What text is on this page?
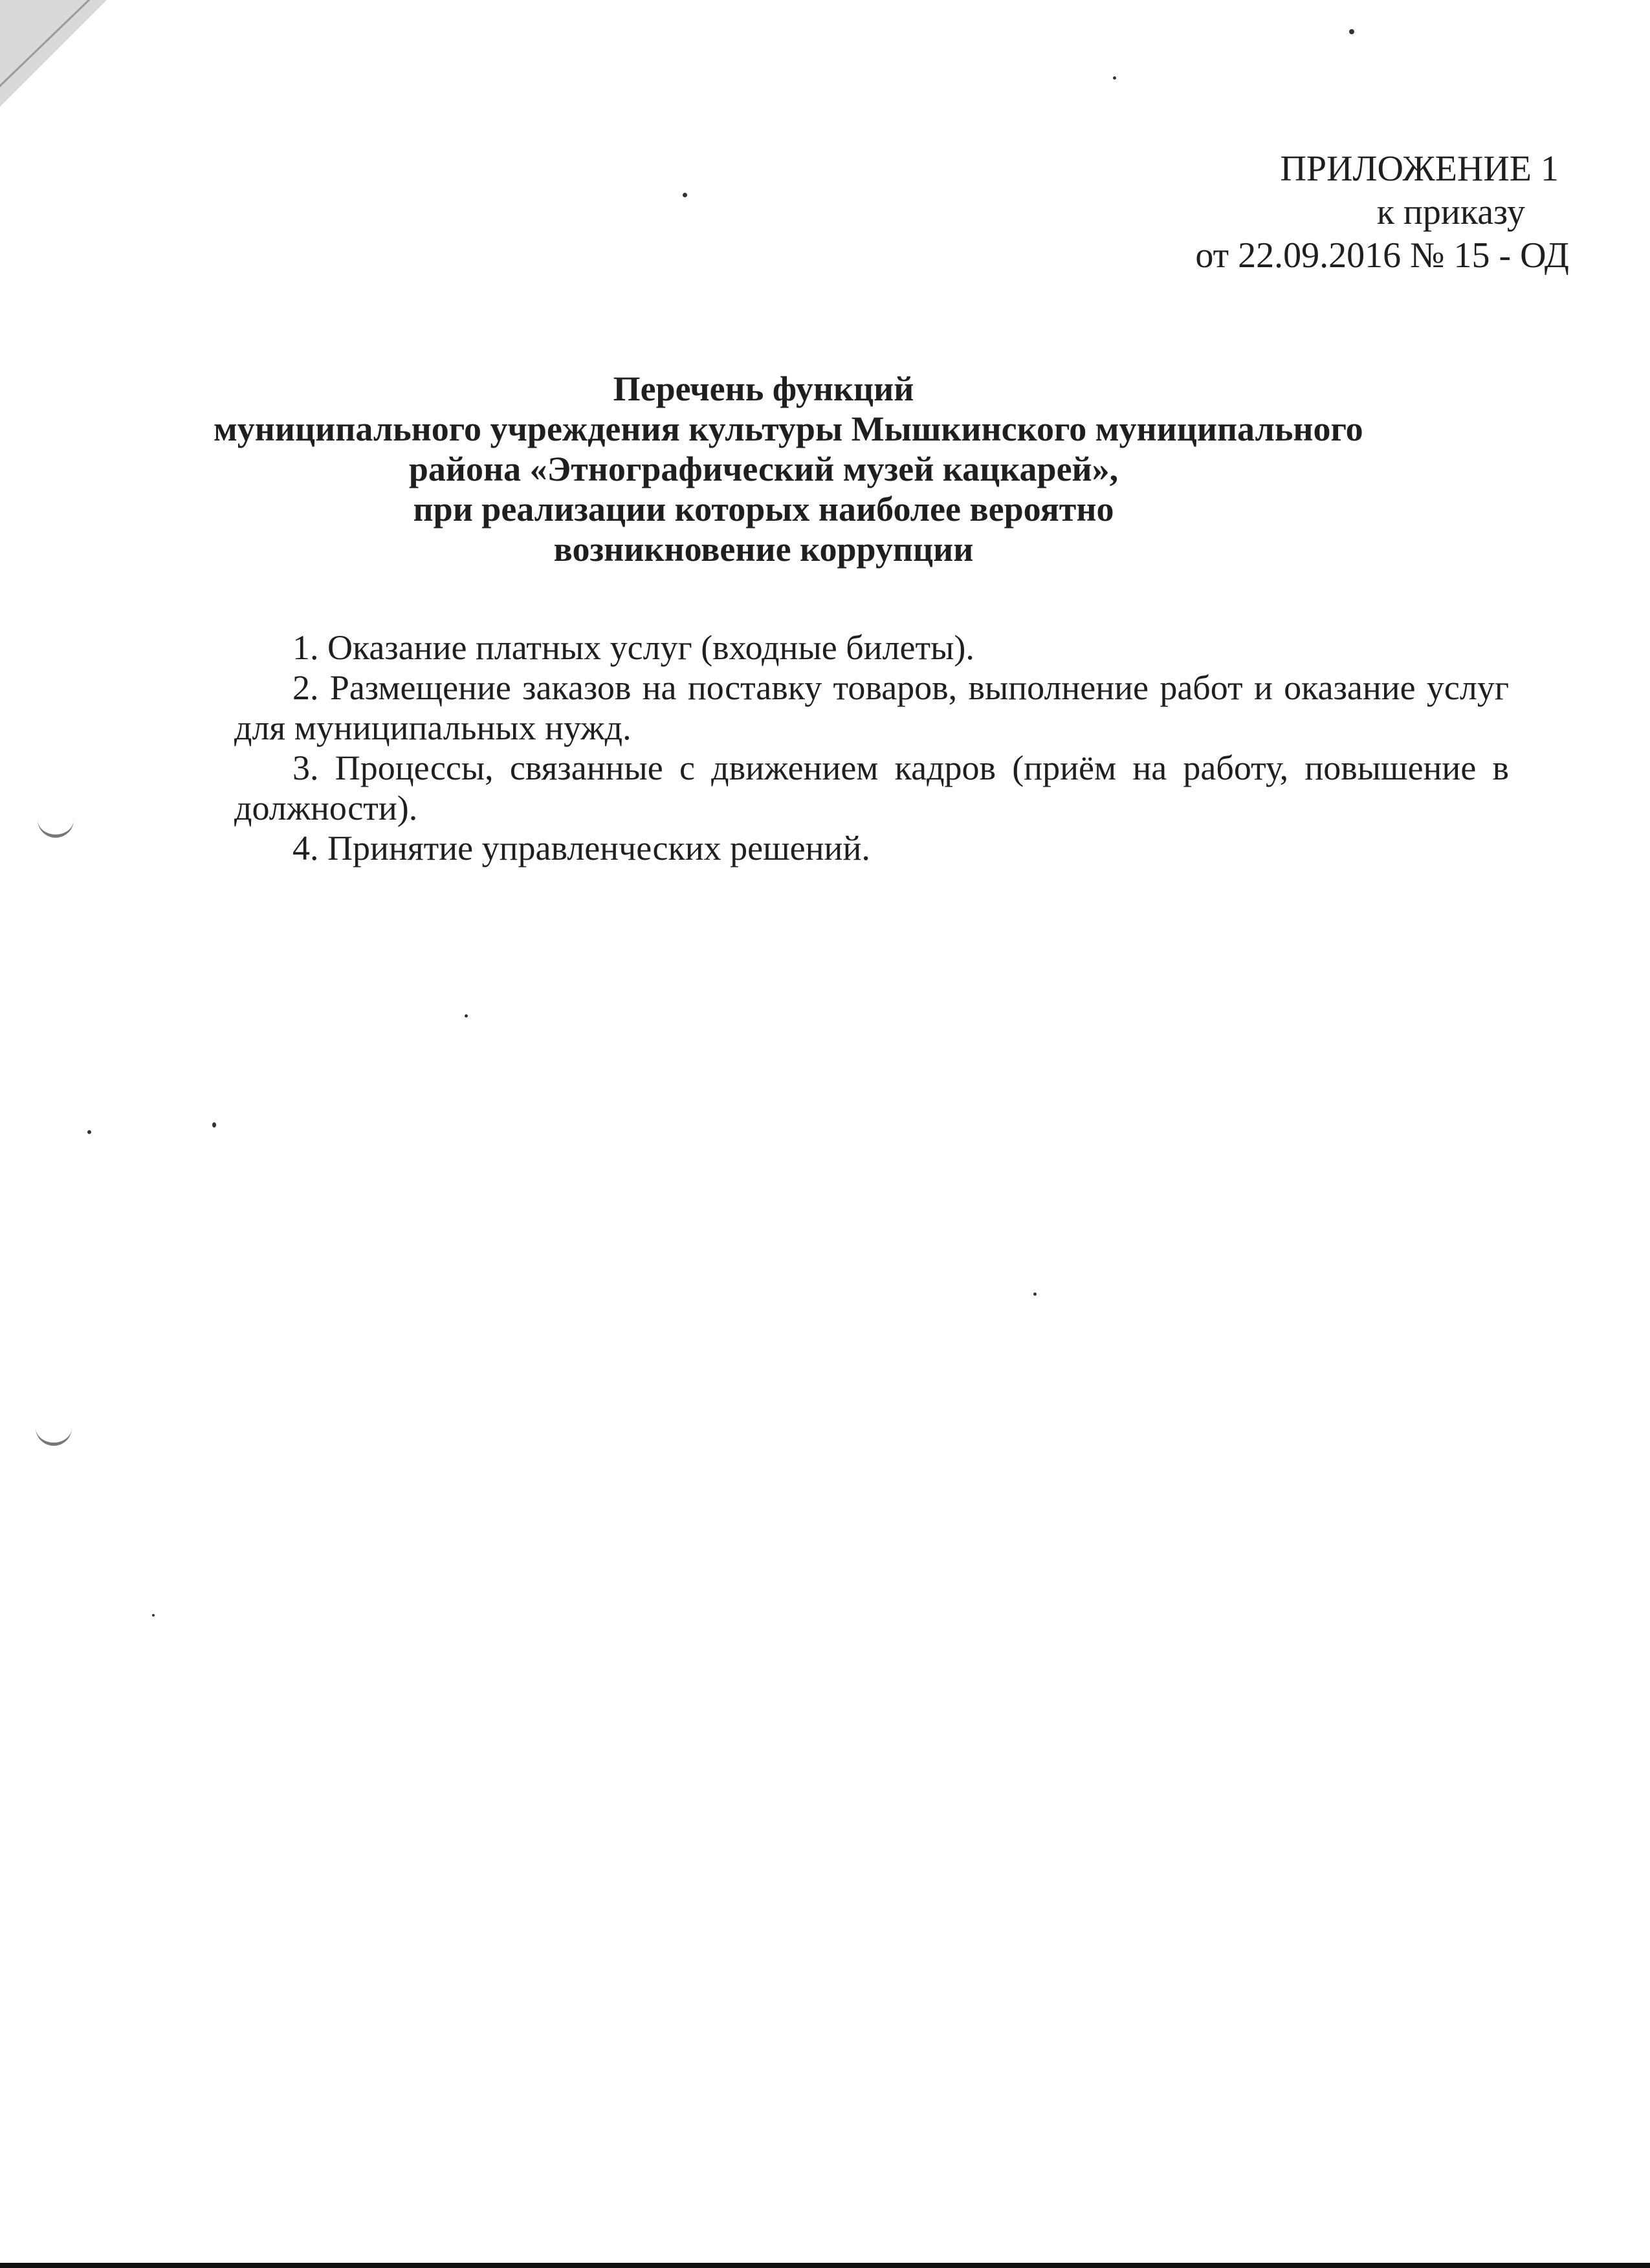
ПРИЛОЖЕНИЕ 1
к приказу
от 22.09.2016 № 15 - ОД
Перечень функций
муниципального учреждения культуры Мышкинского муниципального
района «Этнографический музей кацкарей»,
при реализации которых наиболее вероятно
возникновение коррупции

1. Оказание платных услуг (входные билеты).

2. Размещение заказов на поставку товаров, выполнение работ и оказание услуг для муниципальных нужд.

3. Процессы, связанные с движением кадров (приём на работу, повышение в должности).

4. Принятие управленческих решений.
